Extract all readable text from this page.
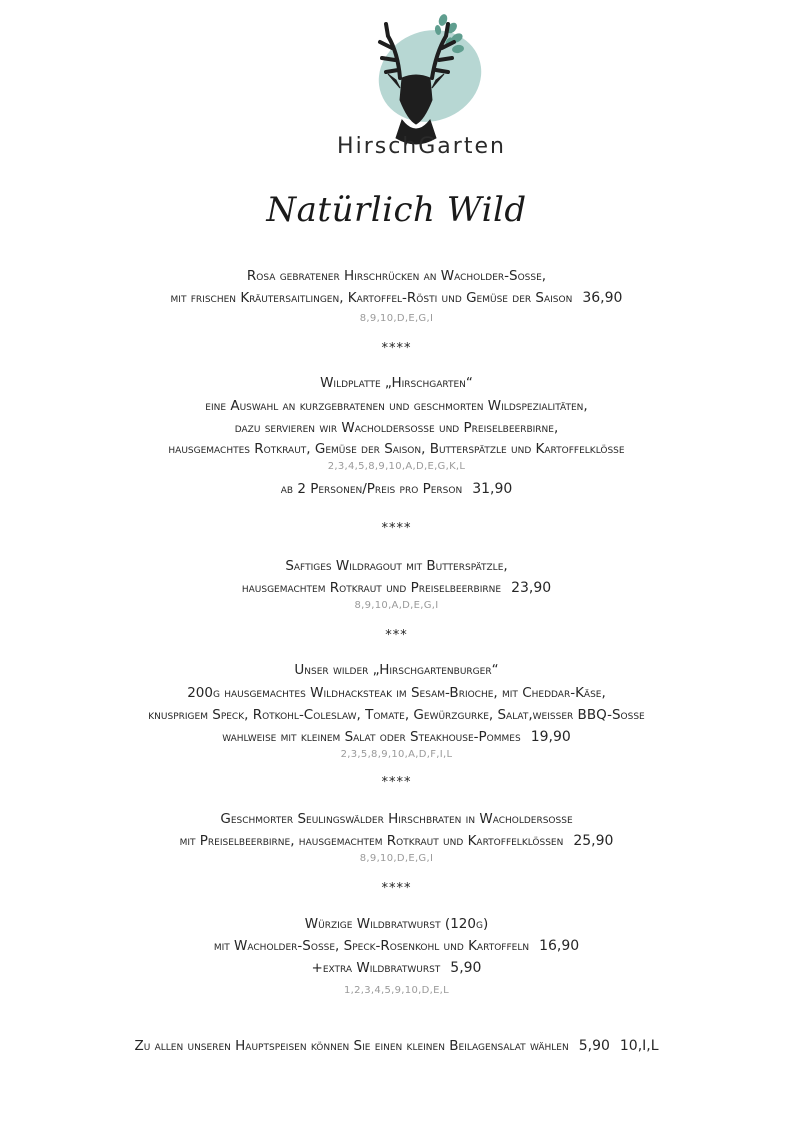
HirschGarten
Natürlich Wild
Rosa gebratener Hirschrücken an Wacholder-Sosse,
mit frischen Kräutersaitlingen, Kartoffel-Rösti und Gemüse der Saison 36,90
8,9,10,D,E,G,I
****
Wildplatte „Hirschgarten“
eine Auswahl an kurzgebratenen und geschmorten Wildspezialitäten,
dazu servieren wir Wacholdersosse und Preiselbeerbirne,
hausgemachtes Rotkraut, Gemüse der Saison, Butterspätzle und Kartoffelklösse
2,3,4,5,8,9,10,A,D,E,G,K,L
ab 2 Personen/Preis pro Person 31,90
****
Saftiges Wildragout mit Butterspätzle,
hausgemachtem Rotkraut und Preiselbeerbirne 23,90
8,9,10,A,D,E,G,I
***
Unser wilder „Hirschgartenburger“
200g hausgemachtes Wildhacksteak im Sesam-Brioche, mit Cheddar-Käse,
knusprigem Speck, Rotkohl-Coleslaw, Tomate, Gewürzgurke, Salat,weisser BBQ-Sosse
wahlweise mit kleinem Salat oder Steakhouse-Pommes 19,90
2,3,5,8,9,10,A,D,F,I,L
****
Geschmorter Seulingswälder Hirschbraten in Wacholdersosse
mit Preiselbeerbirne, hausgemachtem Rotkraut und Kartoffelklössen 25,90
8,9,10,D,E,G,I
****
Würzige Wildbratwurst (120g)
mit Wacholder-Sosse, Speck-Rosenkohl und Kartoffeln 16,90
+extra Wildbratwurst 5,90
1,2,3,4,5,9,10,D,E,L
Zu allen unseren Hauptspeisen können Sie einen kleinen Beilagensalat wählen 5,90 10,I,L
